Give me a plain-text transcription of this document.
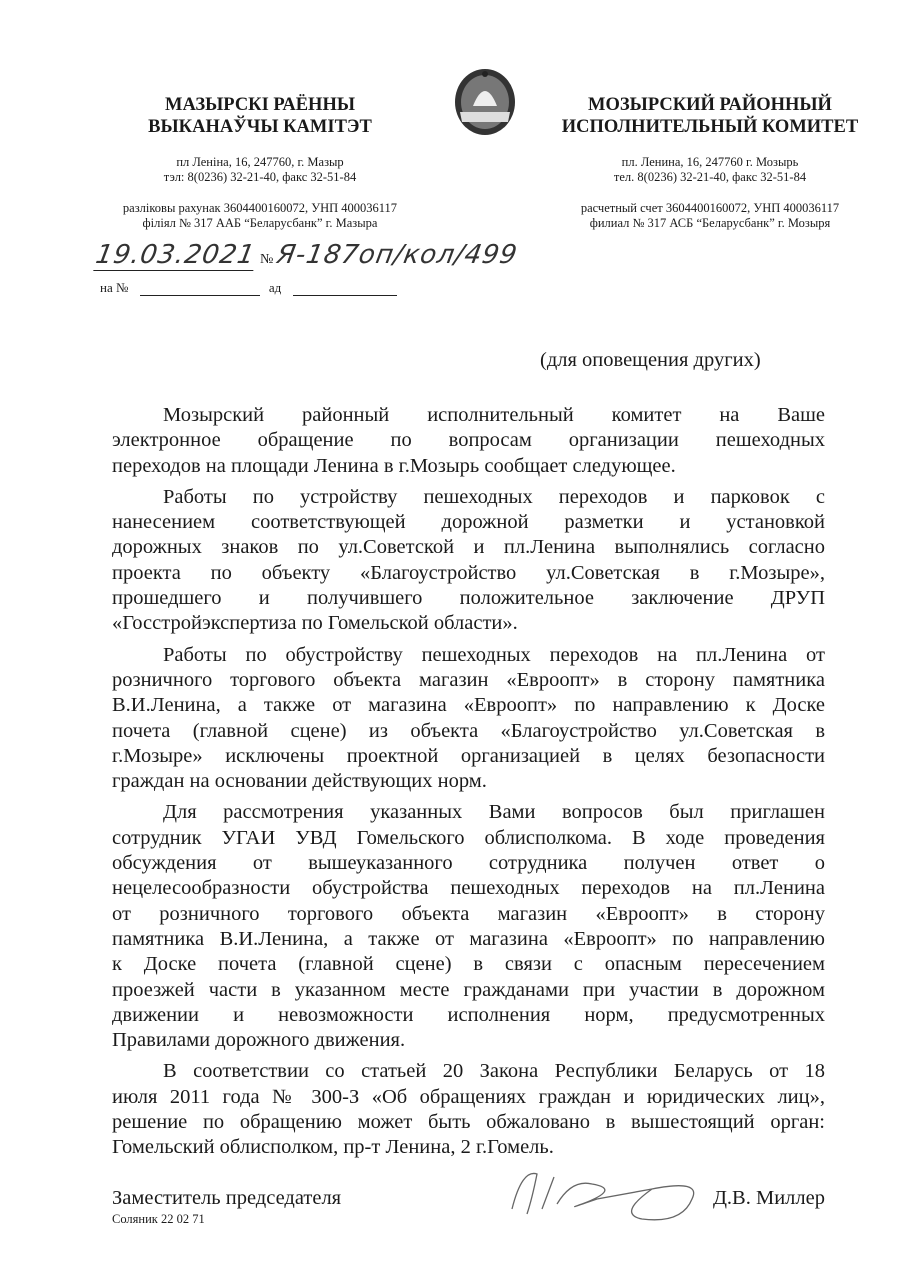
МАЗЫРСКІ РАЁННЫ
ВЫКАНАЎЧЫ КАМІТЭТ
пл Леніна, 16, 247760, г. Мазыр
тэл: 8(0236) 32-21-40, факс 32-51-84
разліковы рахунак 3604400160072, УНП 400036117
філіял № 317 ААБ “Беларусбанк” г. Мазыра
МОЗЫРСКИЙ РАЙОННЫЙ
ИСПОЛНИТЕЛЬНЫЙ КОМИТЕТ
пл. Ленина, 16, 247760 г. Мозырь
тел. 8(0236) 32-21-40, факс 32-51-84
расчетный счет 3604400160072, УНП 400036117
филиал № 317 АСБ “Беларусбанк” г. Мозыря
19.03.2021 № Я-187оп/кол/499
на №	ад
(для оповещения других)
Мозырский районный исполнительный комитет на Ваше
электронное обращение по вопросам организации пешеходных
переходов на площади Ленина в г.Мозырь сообщает следующее.
Работы по устройству пешеходных переходов и парковок с
нанесением соответствующей дорожной разметки и установкой
дорожных знаков по ул.Советской и пл.Ленина выполнялись согласно
проекта по объекту «Благоустройство ул.Советская в г.Мозыре»,
прошедшего и получившего положительное заключение ДРУП
«Госстройэкспертиза по Гомельской области».
Работы по обустройству пешеходных переходов на пл.Ленина от
розничного торгового объекта магазин «Евроопт» в сторону памятника
В.И.Ленина, а также от магазина «Евроопт» по направлению к Доске
почета (главной сцене) из объекта «Благоустройство ул.Советская в
г.Мозыре» исключены проектной организацией в целях безопасности
граждан на основании действующих норм.
Для рассмотрения указанных Вами вопросов был приглашен
сотрудник УГАИ УВД Гомельского облисполкома. В ходе проведения
обсуждения от вышеуказанного сотрудника получен ответ о
нецелесообразности обустройства пешеходных переходов на пл.Ленина
от розничного торгового объекта магазин «Евроопт» в сторону
памятника В.И.Ленина, а также от магазина «Евроопт» по направлению
к Доске почета (главной сцене) в связи с опасным пересечением
проезжей части в указанном месте гражданами при участии в дорожном
движении и невозможности исполнения норм, предусмотренных
Правилами дорожного движения.
В соответствии со статьей 20 Закона Республики Беларусь от 18
июля 2011 года № 300-З «Об обращениях граждан и юридических лиц»,
решение по обращению может быть обжаловано в вышестоящий орган:
Гомельский облисполком, пр-т Ленина, 2 г.Гомель.
Заместитель председателя
Соляник 22 02 71
Д.В. Миллер
